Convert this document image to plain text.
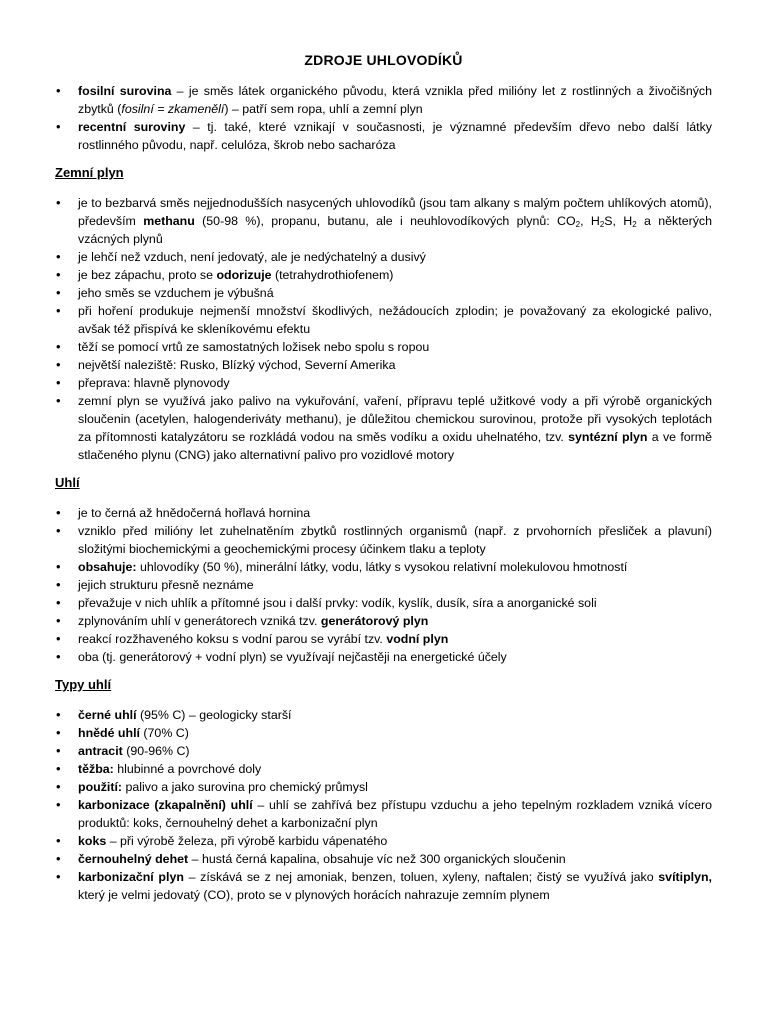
ZDROJE UHLOVODÍKŮ
• fosilní surovina – je směs látek organického původu, která vznikla před milióny let z rostlinných a živočišných zbytků (fosilní = zkamenělí) – patří sem ropa, uhlí a zemní plyn
• recentní suroviny – tj. také, které vznikají v současnosti, je významné především dřevo nebo další látky rostlinného původu, např. celulóza, škrob nebo sacharóza
Zemní plyn
• je to bezbarvá směs nejjednodušších nasycených uhlovodíků (jsou tam alkany s malým počtem uhlíkových atomů), především methanu (50-98 %), propanu, butanu, ale i neuhlovodíkových plynů: $CO_2$, $H_2S$, $H_2$ a některých vzácných plynů
• je lehčí než vzduch, není jedovatý, ale je nedýchatelný a dusivý
• je bez zápachu, proto se odorizuje (tetrahydrothiofenem)
• jeho směs se vzduchem je výbušná
• při hoření produkuje nejmenší množství škodlivých, nežádoucích zplodin; je považovaný za ekologické palivo, avšak též přispívá ke skleníkovému efektu
• těží se pomocí vrtů ze samostatných ložisek nebo spolu s ropou
• největší naleziště: Rusko, Blízký východ, Severní Amerika
• přeprava: hlavně plynovody
• zemní plyn se využívá jako palivo na vykuřování, vaření, přípravu teplé užitkové vody a při výrobě organických sloučenin (acetylen, halogenderiváty methanu), je důležitou chemickou surovinou, protože při vysokých teplotách za přítomnosti katalyzátoru se rozkládá vodou na směs vodíku a oxidu uhelnatého, tzv. syntézní plyn a ve formě stlačeného plynu (CNG) jako alternativní palivo pro vozidlové motory
Uhlí
• je to černá až hnědočerná hořlavá hornina
• vzniklo před milióny let zuhelnatěním zbytků rostlinných organismů (např. z prvohorních přesliček a plavuní) složitými biochemickými a geochemickými procesy účinkem tlaku a teploty
• obsahuje: uhlovodíky (50 %), minerální látky, vodu, látky s vysokou relativní molekulovou hmotností
• jejich strukturu přesně neznáme
• převažuje v nich uhlík a přítomné jsou i další prvky: vodík, kyslík, dusík, síra a anorganické soli
• zplynováním uhlí v generátorech vzniká tzv. generátorový plyn
• reakcí rozžhaveného koksu s vodní parou se vyrábí tzv. vodní plyn
• oba (tj. generátorový + vodní plyn) se využívají nejčastěji na energetické účely
Typy uhlí
• černé uhlí (95% C) – geologicky starší
• hnědé uhlí (70% C)
• antracit (90-96% C)
• těžba: hlubinné a povrchové doly
• použití: palivo a jako surovina pro chemický průmysl
• karbonizace (zkapalnění) uhlí – uhlí se zahřívá bez přístupu vzduchu a jeho tepelným rozkladem vzniká vícero produktů: koks, černouhelný dehet a karbonizační plyn
• koks – při výrobě železa, při výrobě karbidu vápenatého
• černouhelný dehet – hustá černá kapalina, obsahuje víc než 300 organických sloučenin
• karbonizační plyn – získává se z nej amoniak, benzen, toluen, xyleny, naftalen; čistý se využívá jako svítiplyn, který je velmi jedovatý (CO), proto se v plynových horácích nahrazuje zemním plynem
